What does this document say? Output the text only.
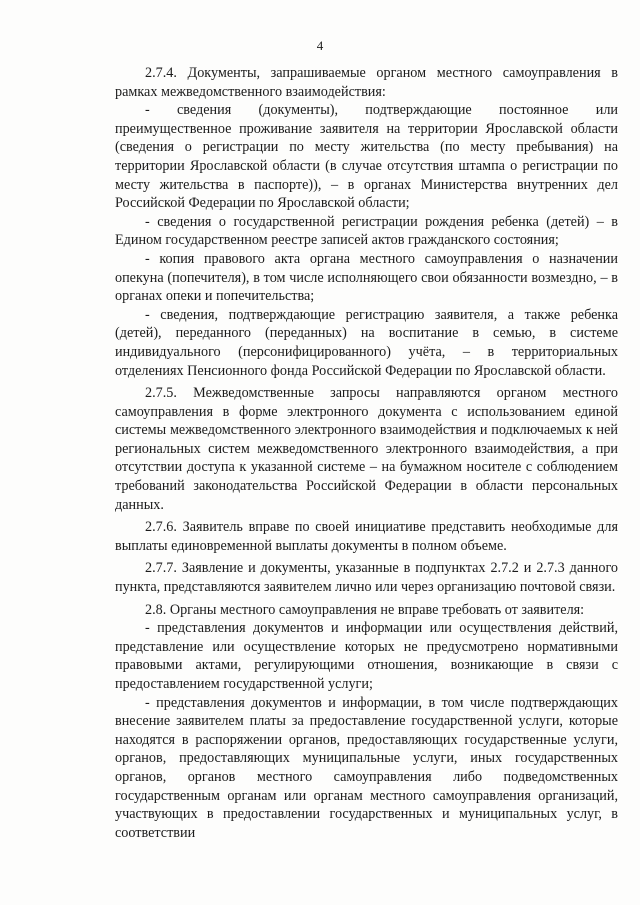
4

2.7.4. Документы, запрашиваемые органом местного самоуправления в рамках межведомственного взаимодействия:

- сведения (документы), подтверждающие постоянное или преимущественное проживание заявителя на территории Ярославской области (сведения о регистрации по месту жительства (по месту пребывания) на территории Ярославской области (в случае отсутствия штампа о регистрации по месту жительства в паспорте)), – в органах Министерства внутренних дел Российской Федерации по Ярославской области;

- сведения о государственной регистрации рождения ребенка (детей) – в Едином государственном реестре записей актов гражданского состояния;

- копия правового акта органа местного самоуправления о назначении опекуна (попечителя), в том числе исполняющего свои обязанности возмездно, – в органах опеки и попечительства;

- сведения, подтверждающие регистрацию заявителя, а также ребенка (детей), переданного (переданных) на воспитание в семью, в системе индивидуального (персонифицированного) учёта, – в территориальных отделениях Пенсионного фонда Российской Федерации по Ярославской области.

2.7.5. Межведомственные запросы направляются органом местного самоуправления в форме электронного документа с использованием единой системы межведомственного электронного взаимодействия и подключаемых к ней региональных систем межведомственного электронного взаимодействия, а при отсутствии доступа к указанной системе – на бумажном носителе с соблюдением требований законодательства Российской Федерации в области персональных данных.

2.7.6. Заявитель вправе по своей инициативе представить необходимые для выплаты единовременной выплаты документы в полном объеме.

2.7.7. Заявление и документы, указанные в подпунктах 2.7.2 и 2.7.3 данного пункта, представляются заявителем лично или через организацию почтовой связи.

2.8. Органы местного самоуправления не вправе требовать от заявителя:

- представления документов и информации или осуществления действий, представление или осуществление которых не предусмотрено нормативными правовыми актами, регулирующими отношения, возникающие в связи с предоставлением государственной услуги;

- представления документов и информации, в том числе подтверждающих внесение заявителем платы за предоставление государственной услуги, которые находятся в распоряжении органов, предоставляющих государственные услуги, органов, предоставляющих муниципальные услуги, иных государственных органов, органов местного самоуправления либо подведомственных государственным органам или органам местного самоуправления организаций, участвующих в предоставлении государственных и муниципальных услуг, в соответствии
